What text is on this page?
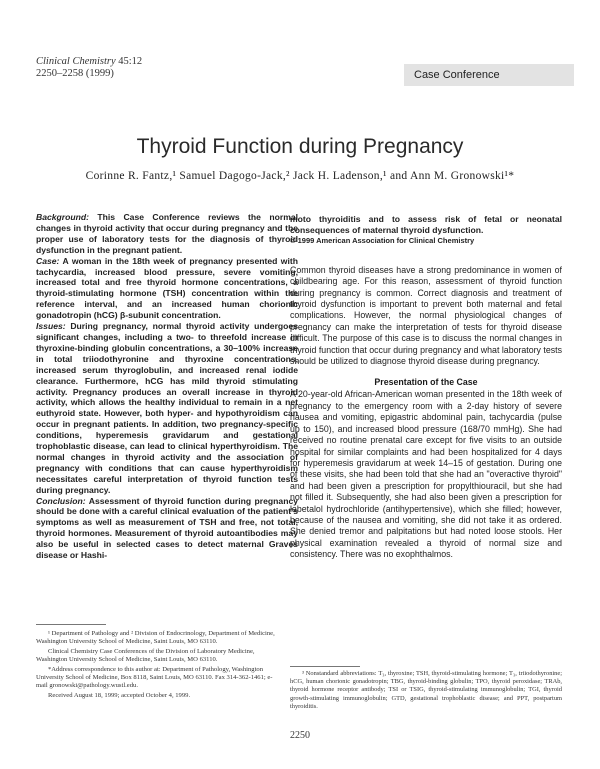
Clinical Chemistry 45:12
2250–2258 (1999)	Case Conference
Thyroid Function during Pregnancy
Corinne R. Fantz,¹ Samuel Dagogo-Jack,² Jack H. Ladenson,¹ and Ann M. Gronowski¹*

Background: This Case Conference reviews the normal changes in thyroid activity that occur during pregnancy and the proper use of laboratory tests for the diagnosis of thyroid dysfunction in the pregnant patient.

Case: A woman in the 18th week of pregnancy presented with tachycardia, increased blood pressure, severe vomiting, increased total and free thyroid hormone concentrations, a thyroid-stimulating hormone (TSH) concentration within the reference interval, and an increased human chorionic gonadotropin (hCG) β-subunit concentration.

Issues: During pregnancy, normal thyroid activity undergoes significant changes, including a two- to threefold increase in thyroxine-binding globulin concentrations, a 30–100% increase in total triiodothyronine and thyroxine concentrations, increased serum thyroglobulin, and increased renal iodide clearance. Furthermore, hCG has mild thyroid stimulating activity. Pregnancy produces an overall increase in thyroid activity, which allows the healthy individual to remain in a net euthyroid state. However, both hyper- and hypothyroidism can occur in pregnant patients. In addition, two pregnancy-specific conditions, hyperemesis gravidarum and gestational trophoblastic disease, can lead to clinical hyperthyroidism. The normal changes in thyroid activity and the association of pregnancy with conditions that can cause hyperthyroidism necessitates careful interpretation of thyroid function tests during pregnancy.

Conclusion: Assessment of thyroid function during pregnancy should be done with a careful clinical evaluation of the patient's symptoms as well as measurement of TSH and free, not total, thyroid hormones. Measurement of thyroid autoantibodies may also be useful in selected cases to detect maternal Graves disease or Hashi-

moto thyroiditis and to assess risk of fetal or neonatal consequences of maternal thyroid dysfunction.

© 1999 American Association for Clinical Chemistry

Common thyroid diseases have a strong predominance in women of childbearing age. For this reason, assessment of thyroid function during pregnancy is common. Correct diagnosis and treatment of thyroid dysfunction is important to prevent both maternal and fetal complications. However, the normal physiological changes of pregnancy can make the interpretation of tests for thyroid disease difficult. The purpose of this case is to discuss the normal changes in thyroid function that occur during pregnancy and what laboratory tests should be utilized to diagnose thyroid disease during pregnancy.

Presentation of the Case

A 20-year-old African-American woman presented in the 18th week of pregnancy to the emergency room with a 2-day history of severe nausea and vomiting, epigastric abdominal pain, tachycardia (pulse up to 150), and increased blood pressure (168/70 mmHg). She had received no routine prenatal care except for five visits to an outside hospital for similar complaints and had been hospitalized for 4 days for hyperemesis gravidarum at week 14–15 of gestation. During one of these visits, she had been told that she had an "overactive thyroid" and had been given a prescription for propylthiouracil, but she had not filled it. Subsequently, she had also been given a prescription for labetalol hydrochloride (antihypertensive), which she filled; however, because of the nausea and vomiting, she did not take it as ordered. She denied tremor and palpitations but had noted loose stools. Her physical examination revealed a thyroid of normal size and consistency. There was no exophthalmos.

¹ Department of Pathology and ² Division of Endocrinology, Department of Medicine, Washington University School of Medicine, Saint Louis, MO 63110.

Clinical Chemistry Case Conferences of the Division of Laboratory Medicine, Washington University School of Medicine, Saint Louis, MO 63110.

*Address correspondence to this author at: Department of Pathology, Washington University School of Medicine, Box 8118, Saint Louis, MO 63110. Fax 314-362-1461; e-mail gronowski@pathology.wustl.edu.

Received August 18, 1999; accepted October 4, 1999.

³ Nonstandard abbreviations: T₃, thyroxine; TSH, thyroid-stimulating hormone; T₃, triiodothyronine; hCG, human chorionic gonadotropin; TBG, thyroid-binding globulin; TPO, thyroid peroxidase; TRAb, thyroid hormone receptor antibody; TSI or TSIG, thyroid-stimulating immunoglobulin; TGI, thyroid growth-stimulating immunoglobulin; GTD, gestational trophoblastic disease; and PPT, postpartum thyroiditis.
2250
